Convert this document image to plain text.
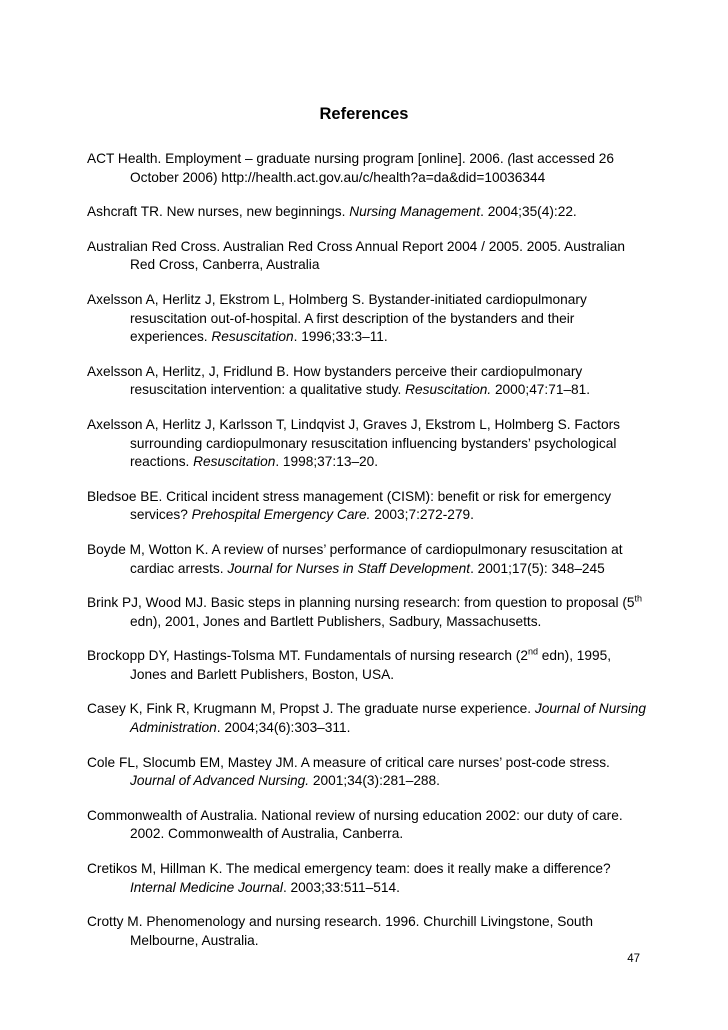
References
ACT Health. Employment – graduate nursing program [online]. 2006. (last accessed 26 October 2006) http://health.act.gov.au/c/health?a=da&did=10036344
Ashcraft TR. New nurses, new beginnings. Nursing Management. 2004;35(4):22.
Australian Red Cross. Australian Red Cross Annual Report 2004 / 2005. 2005. Australian Red Cross, Canberra, Australia
Axelsson A, Herlitz J, Ekstrom L, Holmberg S. Bystander-initiated cardiopulmonary resuscitation out-of-hospital. A first description of the bystanders and their experiences. Resuscitation. 1996;33:3–11.
Axelsson A, Herlitz, J, Fridlund B. How bystanders perceive their cardiopulmonary resuscitation intervention: a qualitative study. Resuscitation. 2000;47:71–81.
Axelsson A, Herlitz J, Karlsson T, Lindqvist J, Graves J, Ekstrom L, Holmberg S. Factors surrounding cardiopulmonary resuscitation influencing bystanders’ psychological reactions. Resuscitation. 1998;37:13–20.
Bledsoe BE. Critical incident stress management (CISM): benefit or risk for emergency services? Prehospital Emergency Care. 2003;7:272-279.
Boyde M, Wotton K. A review of nurses’ performance of cardiopulmonary resuscitation at cardiac arrests. Journal for Nurses in Staff Development. 2001;17(5): 348–245
Brink PJ, Wood MJ. Basic steps in planning nursing research: from question to proposal (5th edn), 2001, Jones and Bartlett Publishers, Sadbury, Massachusetts.
Brockopp DY, Hastings-Tolsma MT. Fundamentals of nursing research (2nd edn), 1995, Jones and Barlett Publishers, Boston, USA.
Casey K, Fink R, Krugmann M, Propst J. The graduate nurse experience. Journal of Nursing Administration. 2004;34(6):303–311.
Cole FL, Slocumb EM, Mastey JM. A measure of critical care nurses’ post-code stress. Journal of Advanced Nursing. 2001;34(3):281–288.
Commonwealth of Australia. National review of nursing education 2002: our duty of care. 2002. Commonwealth of Australia, Canberra.
Cretikos M, Hillman K. The medical emergency team: does it really make a difference? Internal Medicine Journal. 2003;33:511–514.
Crotty M. Phenomenology and nursing research. 1996. Churchill Livingstone, South Melbourne, Australia.
47
